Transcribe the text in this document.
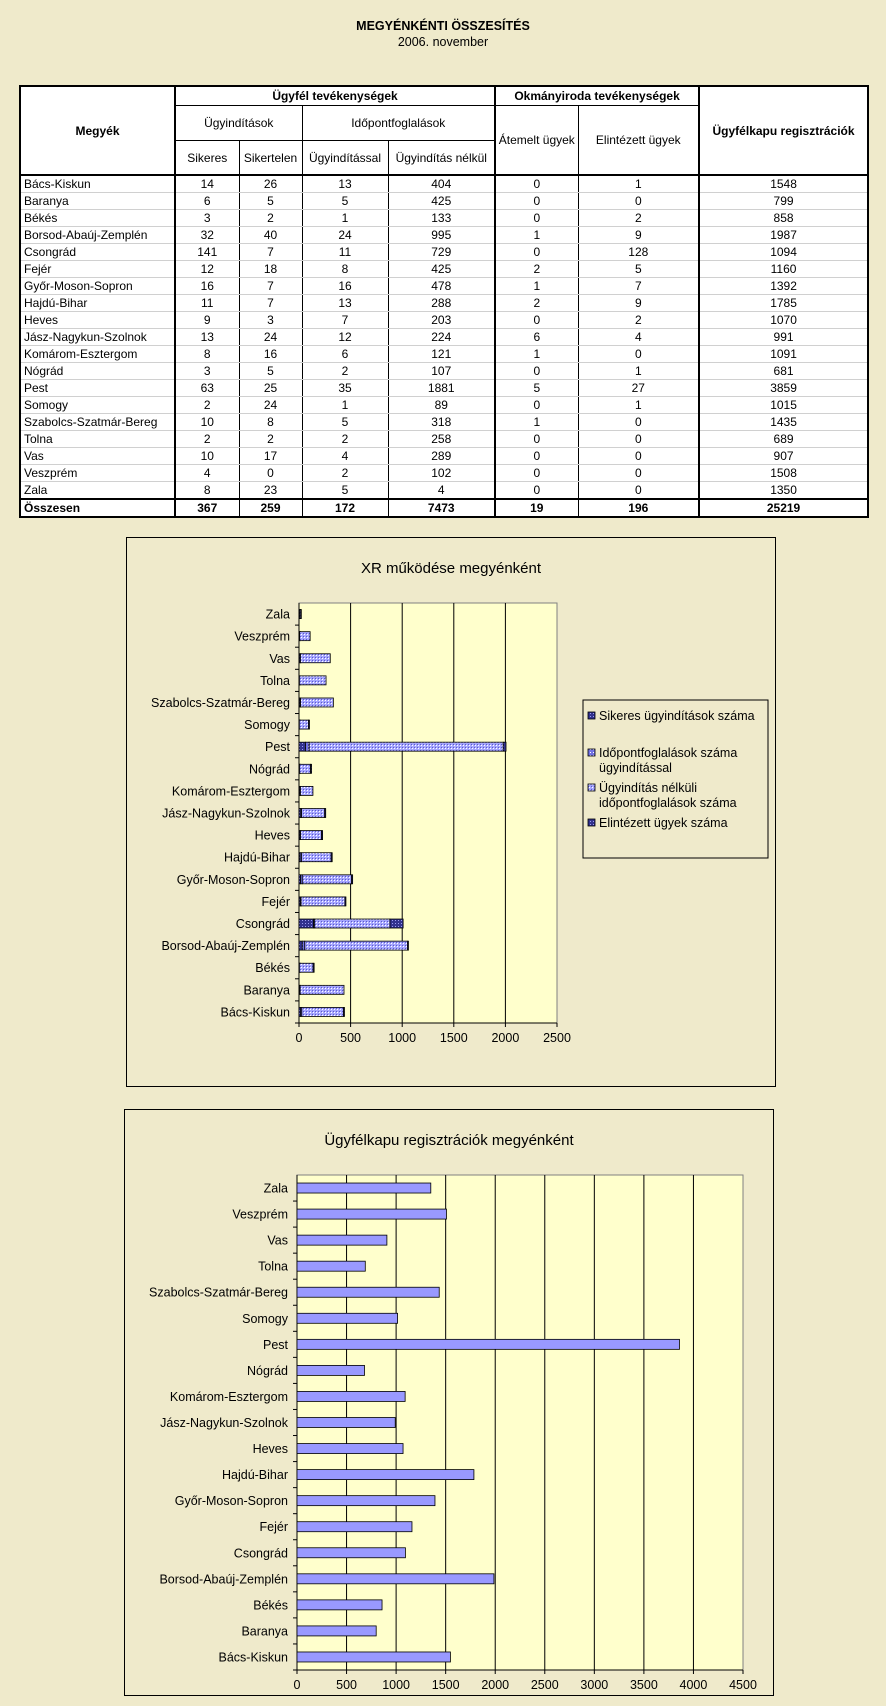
MEGYÉNKÉNTI ÖSSZESÍTÉS
2006. november
Megyék	Ügyfél tevékenységek				Okmányiroda tevékenységek		Ügyfélkapu regisztrációk
	Ügyindítások		Időpontfoglalások		Átemelt ügyek	Elintézett ügyek	
	Sikeres	Sikertelen	Ügyindítással	Ügyindítás nélkül			
Bács-Kiskun	14	26	13	404	0	1	1548
Baranya	6	5	5	425	0	0	799
Békés	3	2	1	133	0	2	858
Borsod-Abaúj-Zemplén	32	40	24	995	1	9	1987
Csongrád	141	7	11	729	0	128	1094
Fejér	12	18	8	425	2	5	1160
Győr-Moson-Sopron	16	7	16	478	1	7	1392
Hajdú-Bihar	11	7	13	288	2	9	1785
Heves	9	3	7	203	0	2	1070
Jász-Nagykun-Szolnok	13	24	12	224	6	4	991
Komárom-Esztergom	8	16	6	121	1	0	1091
Nógrád	3	5	2	107	0	1	681
Pest	63	25	35	1881	5	27	3859
Somogy	2	24	1	89	0	1	1015
Szabolcs-Szatmár-Bereg	10	8	5	318	1	0	1435
Tolna	2	2	2	258	0	0	689
Vas	10	17	4	289	0	0	907
Veszprém	4	0	2	102	0	0	1508
Zala	8	23	5	4	0	0	1350
Összesen	367	259	172	7473	19	196	25219
XR működése megyénként
0	500 1000 1500 2000 2500
Bács-Kiskun
Baranya
Békés
Borsod-Abaúj-Zemplén
Csongrád
Fejér
Győr-Moson-Sopron
Hajdú-Bihar
Heves
Jász-Nagykun-Szolnok
Komárom-Esztergom
Nógrád
Pest
Somogy
Szabolcs-Szatmár-Bereg
Tolna
Vas
Veszprém
Zala
Sikeres ügyindítások száma
Időpontfoglalások száma ügyindítással
Ügyindítás nélküli időpontfoglalások száma
Elintézett ügyek száma
Ügyfélkapu regisztrációk megyénként
0	500 1000 1500 2000 2500 3000 3500 4000 4500
Bács-Kiskun
Baranya
Békés
Borsod-Abaúj-Zemplén
Csongrád
Fejér
Győr-Moson-Sopron
Hajdú-Bihar
Heves
Jász-Nagykun-Szolnok
Komárom-Esztergom
Nógrád
Pest
Somogy
Szabolcs-Szatmár-Bereg
Tolna
Vas
Veszprém
Zala
